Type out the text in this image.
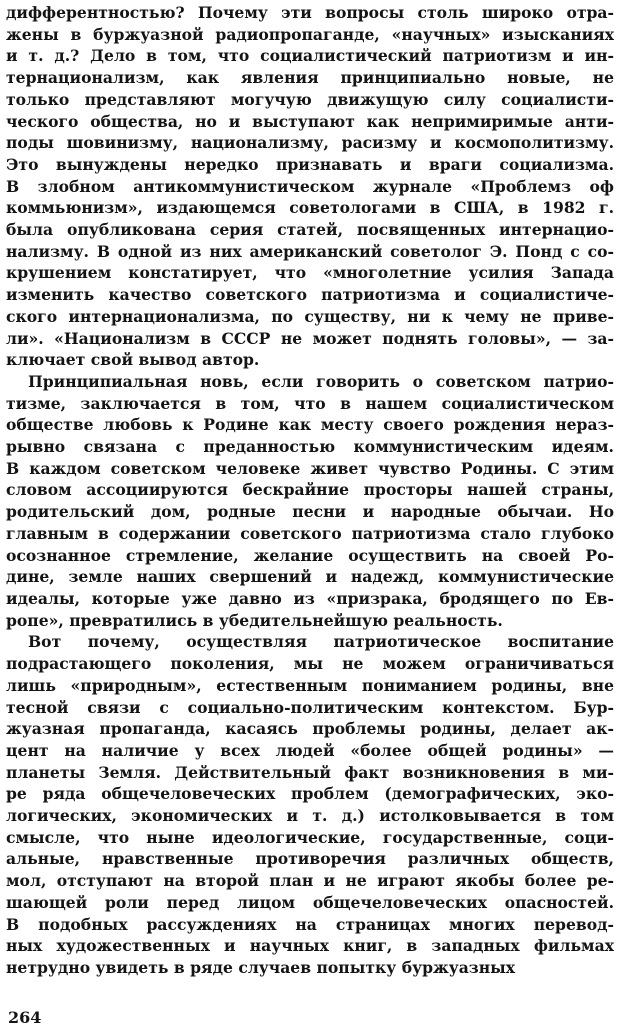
дифферентностью? Почему эти вопросы столь широко отра-
жены в буржуазной радиопропаганде, «научных» изысканиях
и т. д.? Дело в том, что социалистический патриотизм и ин-
тернационализм, как явления принципиально новые, не
только представляют могучую движущую силу социалисти-
ческого общества, но и выступают как непримиримые анти-
поды шовинизму, национализму, расизму и космополитизму.
Это вынуждены нередко признавать и враги социализма.
В злобном антикоммунистическом журнале «Проблемз оф
коммьюнизм», издающемся советологами в США, в 1982 г.
была опубликована серия статей, посвященных интернацио-
нализму. В одной из них американский советолог Э. Понд с со-
крушением констатирует, что «многолетние усилия Запада
изменить качество советского патриотизма и социалистиче-
ского интернационализма, по существу, ни к чему не приве-
ли». «Национализм в СССР не может поднять головы», — за-
ключает свой вывод автор.

Принципиальная новь, если говорить о советском патрио-
тизме, заключается в том, что в нашем социалистическом
обществе любовь к Родине как месту своего рождения нераз-
рывно связана с преданностью коммунистическим идеям.
В каждом советском человеке живет чувство Родины. С этим
словом ассоциируются бескрайние просторы нашей страны,
родительский дом, родные песни и народные обычаи. Но
главным в содержании советского патриотизма стало глубоко
осознанное стремление, желание осуществить на своей Ро-
дине, земле наших свершений и надежд, коммунистические
идеалы, которые уже давно из «призрака, бродящего по Ев-
ропе», превратились в убедительнейшую реальность.

Вот почему, осуществляя патриотическое воспитание
подрастающего поколения, мы не можем ограничиваться
лишь «природным», естественным пониманием родины, вне
тесной связи с социально-политическим контекстом. Бур-
жуазная пропаганда, касаясь проблемы родины, делает ак-
цент на наличие у всех людей «более общей родины» —
планеты Земля. Действительный факт возникновения в ми-
ре ряда общечеловеческих проблем (демографических, эко-
логических, экономических и т. д.) истолковывается в том
смысле, что ныне идеологические, государственные, соци-
альные, нравственные противоречия различных обществ,
мол, отступают на второй план и не играют якобы более ре-
шающей роли перед лицом общечеловеческих опасностей.
В подобных рассуждениях на страницах многих перевод-
ных художественных и научных книг, в западных фильмах
нетрудно увидеть в ряде случаев попытку буржуазных

264
